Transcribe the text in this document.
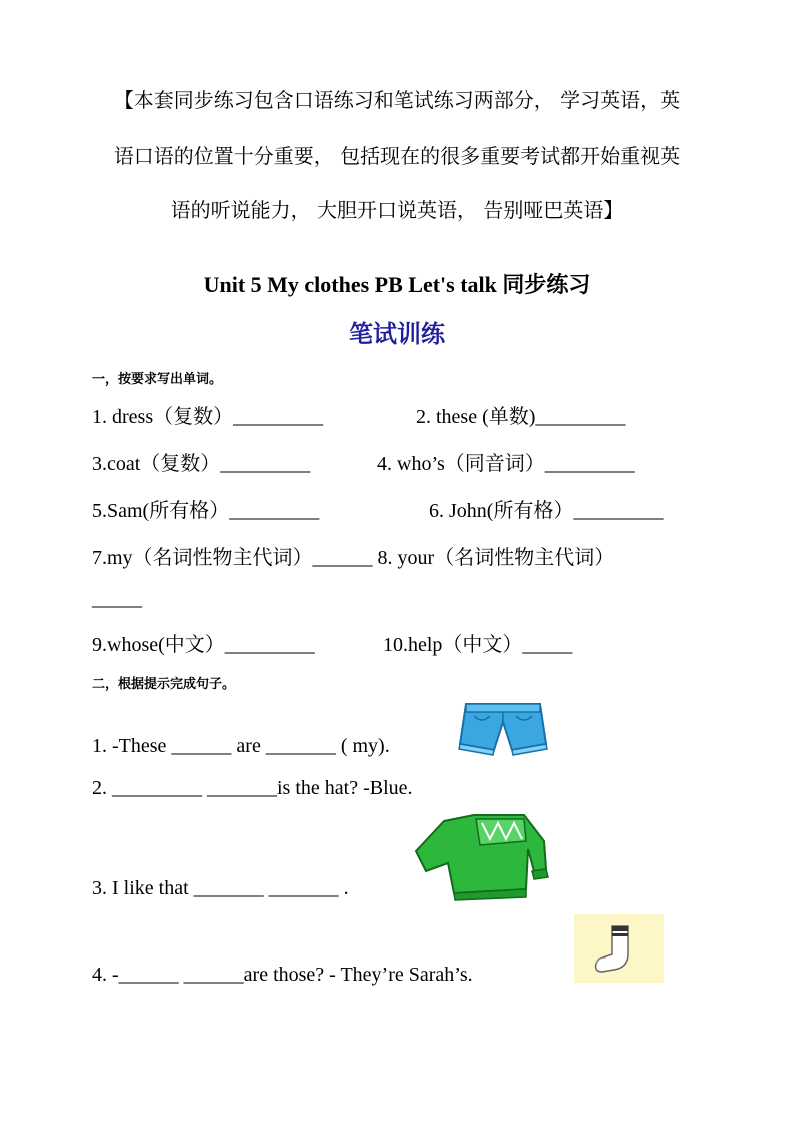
【本套同步练习包含口语练习和笔试练习两部分， 学习英语，英
语口语的位置十分重要， 包括现在的很多重要考试都开始重视英
语的听说能力， 大胆开口说英语， 告别哑巴英语】
Unit 5 My clothes PB Let's talk 同步练习
笔试训练
一，按要求写出单词。
1. dress（复数）_________	2. these (单数)_________
3.coat（复数）_________	4. who’s（同音词）_________
5.Sam(所有格）_________	6. John(所有格）_________
7.my（名词性物主代词）______ 8. your（名词性物主代词）
_____
9.whose(中文）_________	10.help（中文）_____
二，根据提示完成句子。
1. -These ______ are _______ ( my).
2. _________ _______is the hat? -Blue.
3. I like that _______ _______ .
4. -______ ______are those? - They’re Sarah’s.
